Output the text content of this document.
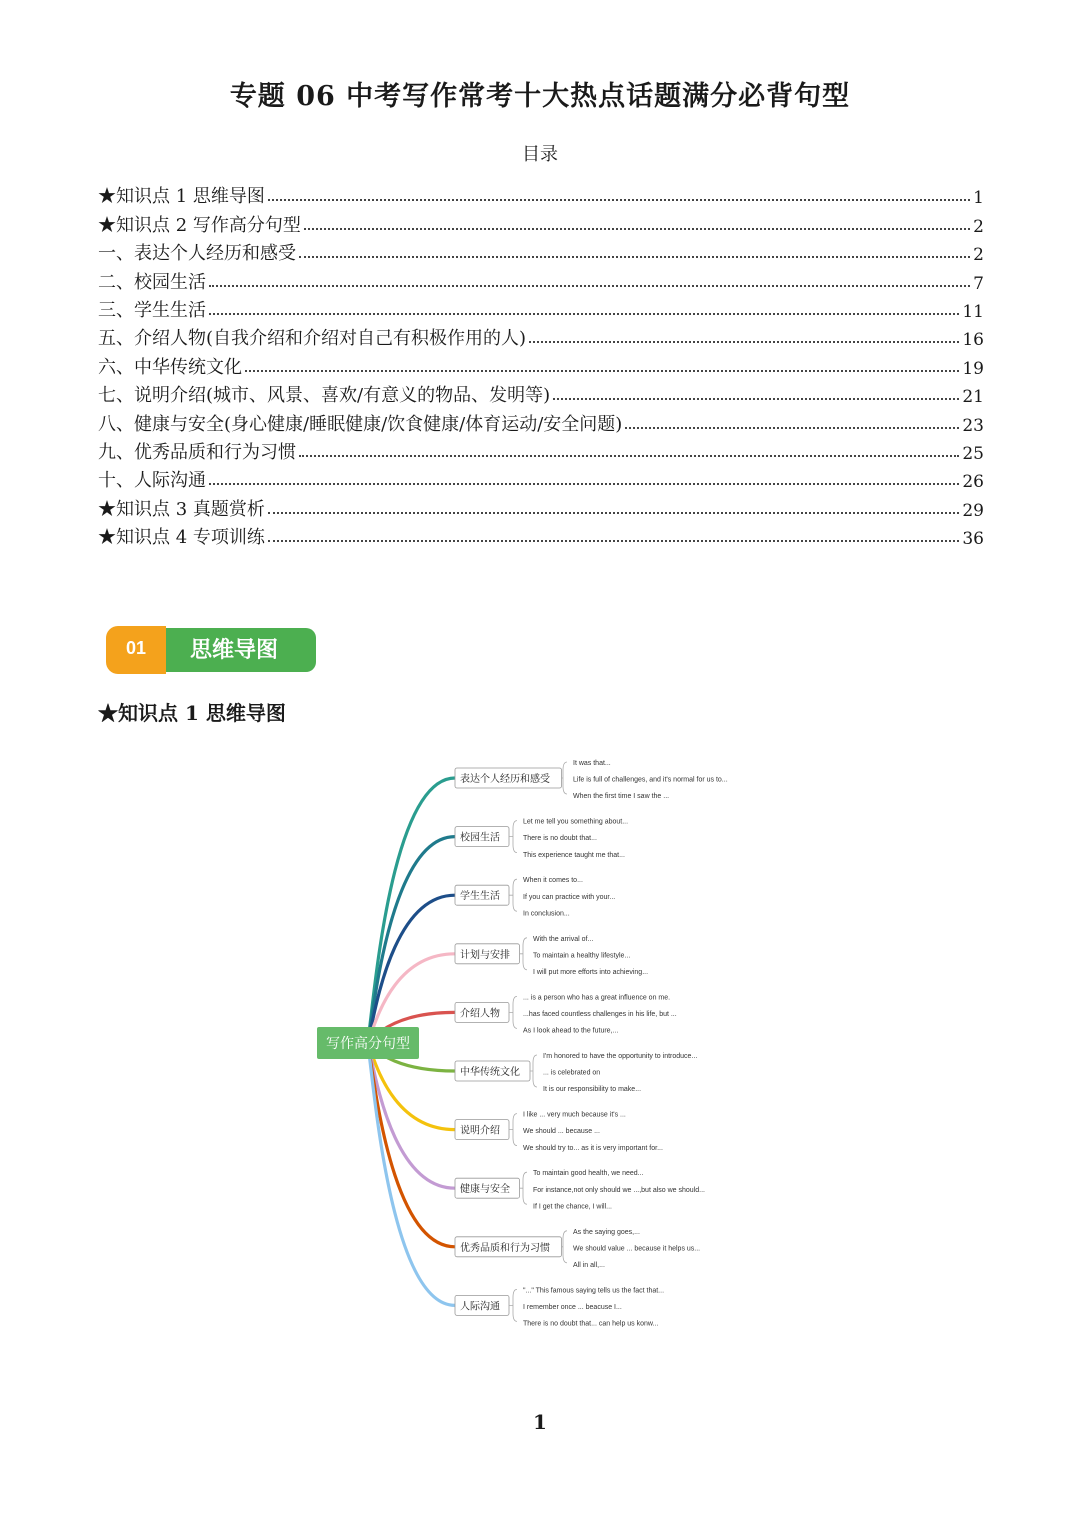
专题 06 中考写作常考十大热点话题满分必背句型
目录
★知识点 1 思维导图	1
★知识点 2 写作高分句型	2
一、表达个人经历和感受	2
二、校园生活	7
三、学生生活	11
五、介绍人物(自我介绍和介绍对自己有积极作用的人)	16
六、中华传统文化	19
七、说明介绍(城市、风景、喜欢/有意义的物品、发明等)	21
八、健康与安全(身心健康/睡眠健康/饮食健康/体育运动/安全问题)	23
九、优秀品质和行为习惯	25
十、人际沟通	26
★知识点 3 真题赏析	29
★知识点 4 专项训练	36
思维导图
01
★知识点 1 思维导图
表达个人经历和感受
It was that...
Life is full of challenges, and it's normal for us to...
When the first time I saw the ...
校园生活
Let me tell you something about...
There is no doubt that...
This experience taught me that...
学生生活
When it comes to...
If you can practice with your...
In conclusion...
计划与安排
With the arrival of...
To maintain a healthy lifestyle...
I will put more efforts into achieving...
介绍人物
... is a person who has a great influence on me.
...has faced countless challenges in his life, but ...
As I look ahead to the future,...
中华传统文化
I'm honored to have the opportunity to introduce...
... is celebrated on
It is our responsibility to make...
说明介绍
I like ... very much because it's ...
We should ... because ...
We should try to... as it is very important for...
健康与安全
To maintain good health, we need...
For instance,not only should we ...,but also we should...
If I get the chance, I will...
优秀品质和行为习惯
As the saying goes,...
We should value ... because it helps us...
All in all,...
人际沟通
"..." This famous saying tells us the fact that...
I remember once ... beacuse I...
There is no doubt that... can help us konw...
写作高分句型
1
